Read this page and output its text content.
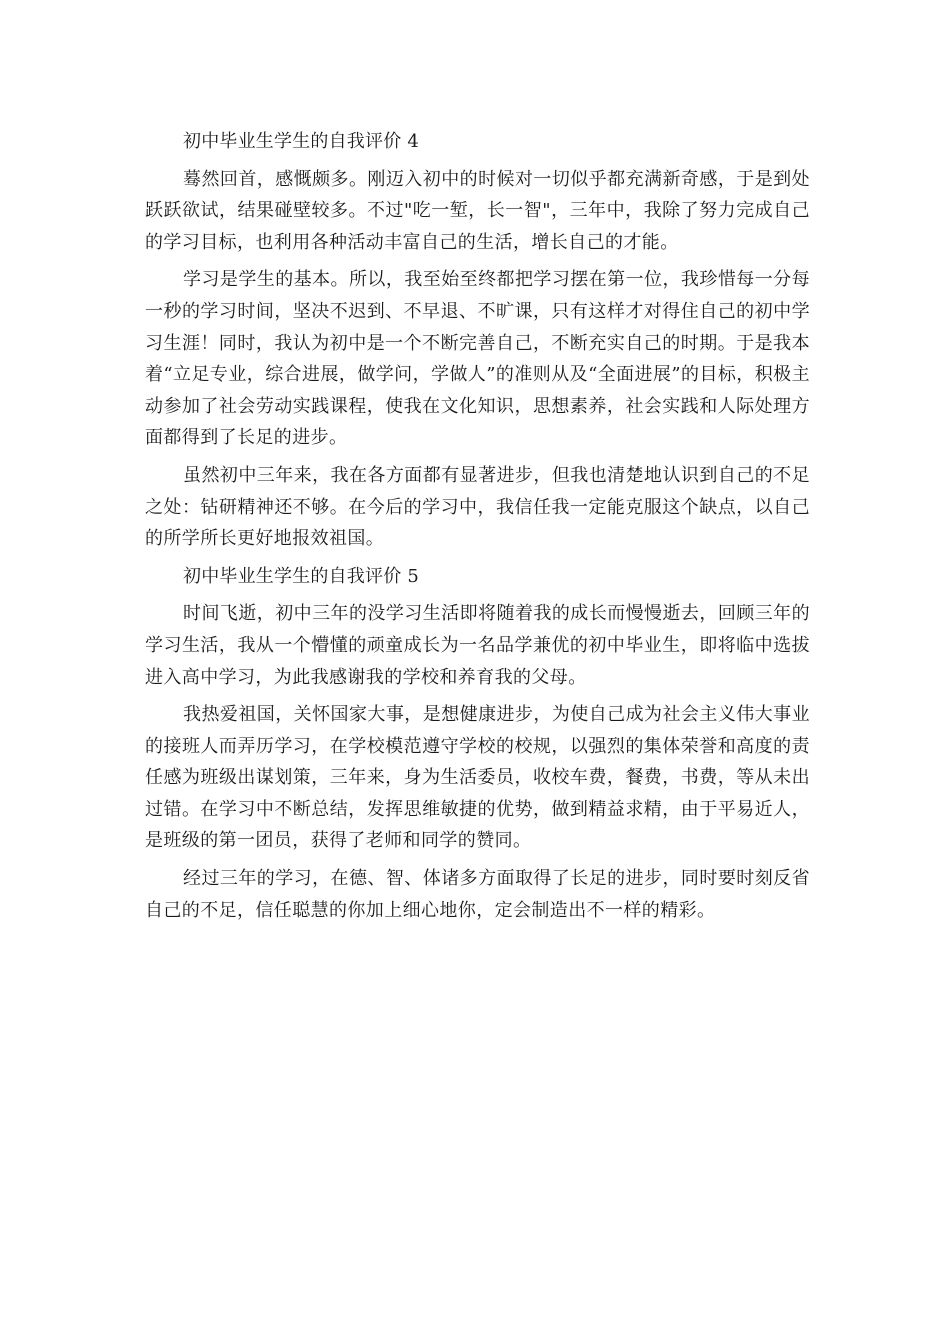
初中毕业生学生的自我评价 4

蓦然回首，感慨颇多。刚迈入初中的时候对一切似乎都充满新奇感，于是到处跃跃欲试，结果碰壁较多。不过"吃一堑，长一智"，三年中，我除了努力完成自己的学习目标，也利用各种活动丰富自己的生活，增长自己的才能。

学习是学生的基本。所以，我至始至终都把学习摆在第一位，我珍惜每一分每一秒的学习时间，坚决不迟到、不早退、不旷课，只有这样才对得住自己的初中学习生涯！同时，我认为初中是一个不断完善自己，不断充实自己的时期。于是我本着“立足专业，综合进展，做学问，学做人”的准则从及“全面进展”的目标，积极主动参加了社会劳动实践课程，使我在文化知识，思想素养，社会实践和人际处理方面都得到了长足的进步。

虽然初中三年来，我在各方面都有显著进步，但我也清楚地认识到自己的不足之处：钻研精神还不够。在今后的学习中，我信任我一定能克服这个缺点，以自己的所学所长更好地报效祖国。

初中毕业生学生的自我评价 5

时间飞逝，初中三年的没学习生活即将随着我的成长而慢慢逝去，回顾三年的学习生活，我从一个懵懂的顽童成长为一名品学兼优的初中毕业生，即将临中选拔进入高中学习，为此我感谢我的学校和养育我的父母。

我热爱祖国，关怀国家大事，是想健康进步，为使自己成为社会主义伟大事业的接班人而弄历学习，在学校模范遵守学校的校规，以强烈的集体荣誉和高度的责任感为班级出谋划策，三年来，身为生活委员，收校车费，餐费，书费，等从未出过错。在学习中不断总结，发挥思维敏捷的优势，做到精益求精，由于平易近人，是班级的第一团员，获得了老师和同学的赞同。

经过三年的学习，在德、智、体诸多方面取得了长足的进步，同时要时刻反省自己的不足，信任聪慧的你加上细心地你，定会制造出不一样的精彩。
